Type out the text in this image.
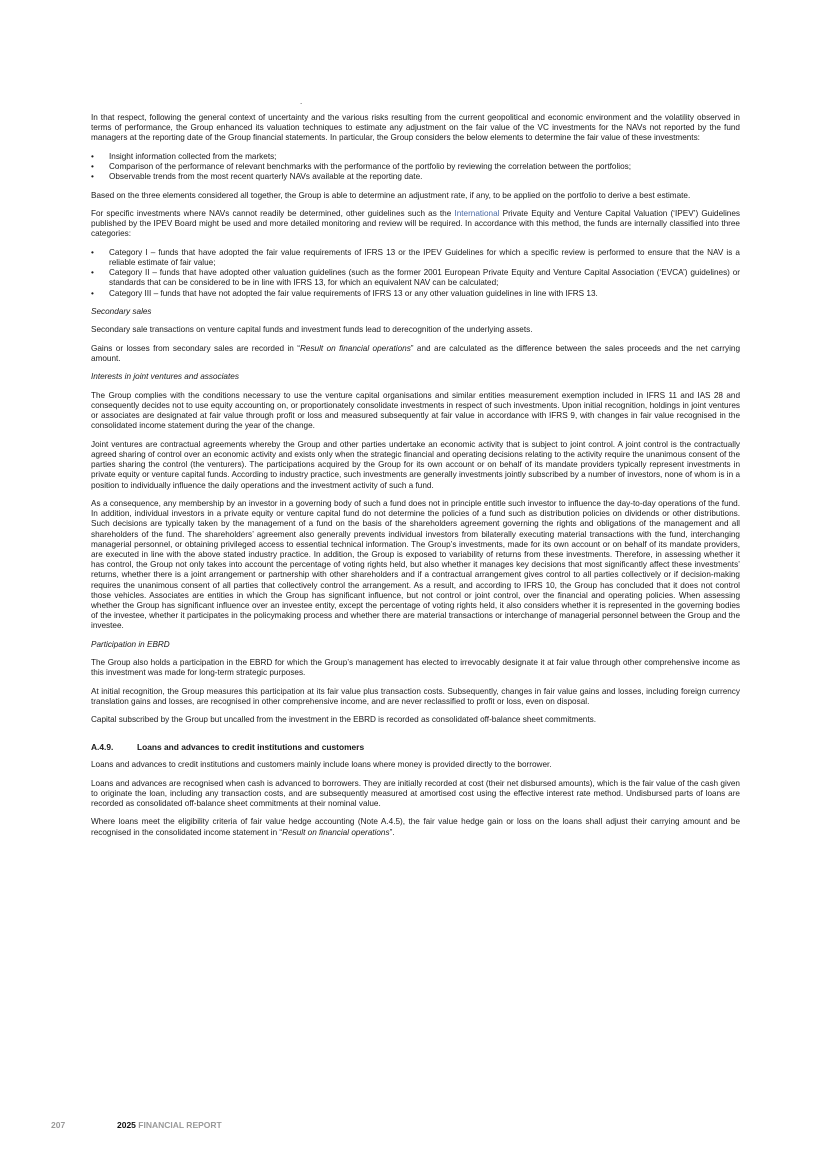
.

In that respect, following the general context of uncertainty and the various risks resulting from the current geopolitical and economic environment and the volatility observed in terms of performance, the Group enhanced its valuation techniques to estimate any adjustment on the fair value of the VC investments for the NAVs not reported by the fund managers at the reporting date of the Group financial statements. In particular, the Group considers the below elements to determine the fair value of these investments:

• Insight information collected from the markets;
• Comparison of the performance of relevant benchmarks with the performance of the portfolio by reviewing the correlation between the portfolios;
• Observable trends from the most recent quarterly NAVs available at the reporting date.

Based on the three elements considered all together, the Group is able to determine an adjustment rate, if any, to be applied on the portfolio to derive a best estimate.

For specific investments where NAVs cannot readily be determined, other guidelines such as the International Private Equity and Venture Capital Valuation (‘IPEV’) Guidelines published by the IPEV Board might be used and more detailed monitoring and review will be required. In accordance with this method, the funds are internally classified into three categories:

• Category I – funds that have adopted the fair value requirements of IFRS 13 or the IPEV Guidelines for which a specific review is performed to ensure that the NAV is a reliable estimate of fair value;
• Category II – funds that have adopted other valuation guidelines (such as the former 2001 European Private Equity and Venture Capital Association (‘EVCA’) guidelines) or standards that can be considered to be in line with IFRS 13, for which an equivalent NAV can be calculated;
• Category III – funds that have not adopted the fair value requirements of IFRS 13 or any other valuation guidelines in line with IFRS 13.

Secondary sales

Secondary sale transactions on venture capital funds and investment funds lead to derecognition of the underlying assets.

Gains or losses from secondary sales are recorded in “Result on financial operations” and are calculated as the difference between the sales proceeds and the net carrying amount.

Interests in joint ventures and associates

The Group complies with the conditions necessary to use the venture capital organisations and similar entities measurement exemption included in IFRS 11 and IAS 28 and consequently decides not to use equity accounting on, or proportionately consolidate investments in respect of such investments. Upon initial recognition, holdings in joint ventures or associates are designated at fair value through profit or loss and measured subsequently at fair value in accordance with IFRS 9, with changes in fair value recognised in the consolidated income statement during the year of the change.

Joint ventures are contractual agreements whereby the Group and other parties undertake an economic activity that is subject to joint control. A joint control is the contractually agreed sharing of control over an economic activity and exists only when the strategic financial and operating decisions relating to the activity require the unanimous consent of the parties sharing the control (the venturers). The participations acquired by the Group for its own account or on behalf of its mandate providers typically represent investments in private equity or venture capital funds. According to industry practice, such investments are generally investments jointly subscribed by a number of investors, none of whom is in a position to individually influence the daily operations and the investment activity of such a fund.

As a consequence, any membership by an investor in a governing body of such a fund does not in principle entitle such investor to influence the day-to-day operations of the fund. In addition, individual investors in a private equity or venture capital fund do not determine the policies of a fund such as distribution policies on dividends or other distributions. Such decisions are typically taken by the management of a fund on the basis of the shareholders agreement governing the rights and obligations of the management and all shareholders of the fund. The shareholders’ agreement also generally prevents individual investors from bilaterally executing material transactions with the fund, interchanging managerial personnel, or obtaining privileged access to essential technical information. The Group’s investments, made for its own account or on behalf of its mandate providers, are executed in line with the above stated industry practice. In addition, the Group is exposed to variability of returns from these investments. Therefore, in assessing whether it has control, the Group not only takes into account the percentage of voting rights held, but also whether it manages key decisions that most significantly affect these investments’ returns, whether there is a joint arrangement or partnership with other shareholders and if a contractual arrangement gives control to all parties collectively or if decision-making requires the unanimous consent of all parties that collectively control the arrangement. As a result, and according to IFRS 10, the Group has concluded that it does not control those vehicles. Associates are entities in which the Group has significant influence, but not control or joint control, over the financial and operating policies. When assessing whether the Group has significant influence over an investee entity, except the percentage of voting rights held, it also considers whether it is represented in the governing bodies of the investee, whether it participates in the policymaking process and whether there are material transactions or interchange of managerial personnel between the Group and the investee.

Participation in EBRD

The Group also holds a participation in the EBRD for which the Group’s management has elected to irrevocably designate it at fair value through other comprehensive income as this investment was made for long-term strategic purposes.

At initial recognition, the Group measures this participation at its fair value plus transaction costs. Subsequently, changes in fair value gains and losses, including foreign currency translation gains and losses, are recognised in other comprehensive income, and are never reclassified to profit or loss, even on disposal.

Capital subscribed by the Group but uncalled from the investment in the EBRD is recorded as consolidated off-balance sheet commitments.

A.4.9.	Loans and advances to credit institutions and customers

Loans and advances to credit institutions and customers mainly include loans where money is provided directly to the borrower.

Loans and advances are recognised when cash is advanced to borrowers. They are initially recorded at cost (their net disbursed amounts), which is the fair value of the cash given to originate the loan, including any transaction costs, and are subsequently measured at amortised cost using the effective interest rate method. Undisbursed parts of loans are recorded as consolidated off-balance sheet commitments at their nominal value.

Where loans meet the eligibility criteria of fair value hedge accounting (Note A.4.5), the fair value hedge gain or loss on the loans shall adjust their carrying amount and be recognised in the consolidated income statement in “Result on financial operations”.

207	2025 FINANCIAL REPORT
